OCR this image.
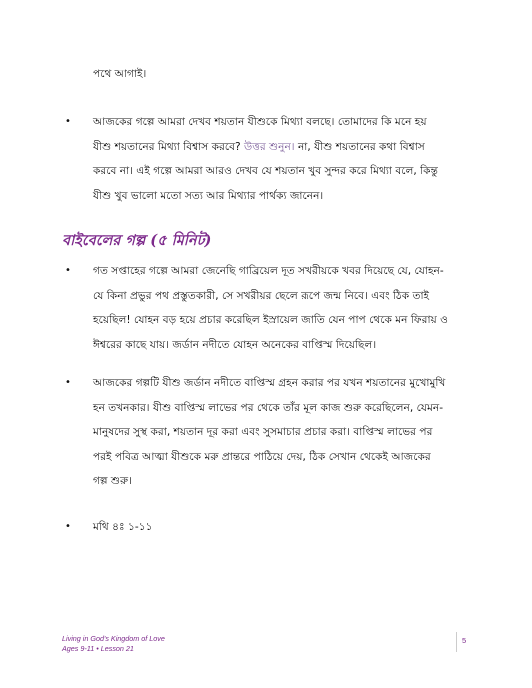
পথে আগাই।
• আজকের গল্পে আমরা দেখব শয়তান যীশুকে মিথ্যা বলছে। তোমাদের কি মনে হয়
যীশু শয়তানের মিথ্যা বিশ্বাস করবে? উত্তর শুনুন। না, যীশু শয়তানের কথা বিশ্বাস
করবে না। এই গল্পে আমরা আরও দেখব যে শয়তান খুব সুন্দর করে মিথ্যা বলে, কিন্তু
যীশু খুব ভালো মতো সত্য আর মিথ্যার পার্থক্য জানেন।
বাইবেলের গল্প (৫ মিনিট)
• গত সপ্তাহের গল্পে আমরা জেনেছি গাব্রিয়েল দূত সখরীয়কে খবর দিয়েছে যে, যোহন-
যে কিনা প্রভুর পথ প্রস্তুতকারী, সে সখরীয়র ছেলে রূপে জন্ম নিবে। এবং ঠিক তাই
হয়েছিল! যোহন বড় হয়ে প্রচার করেছিল ইস্রায়েল জাতি যেন পাপ থেকে মন ফিরায় ও
ঈশ্বরের কাছে যায়। জর্ডান নদীতে যোহন অনেকের বাপ্তিস্ম দিয়েছিল।
• আজকের গল্পটি যীশু জর্ডান নদীতে বাপ্তিস্ম গ্রহন করার পর যখন শয়তানের মুখোমুখি
হন তখনকার। যীশু বাপ্তিস্ম লাভের পর থেকে তাঁর মূল কাজ শুরু করেছিলেন, যেমন-
মানুষদের সুস্থ করা, শয়তান দূর করা এবং সুসমাচার প্রচার করা। বাপ্তিস্ম লাভের পর
পরই পবিত্র আত্মা যীশুকে মরু প্রান্তরে পাঠিয়ে দেয়, ঠিক সেখান থেকেই আজকের
গল্প শুরু।
• মথি ৪ঃ ১-১১
Living in God's Kingdom of Love
Ages 9-11 • Lesson 21
5
